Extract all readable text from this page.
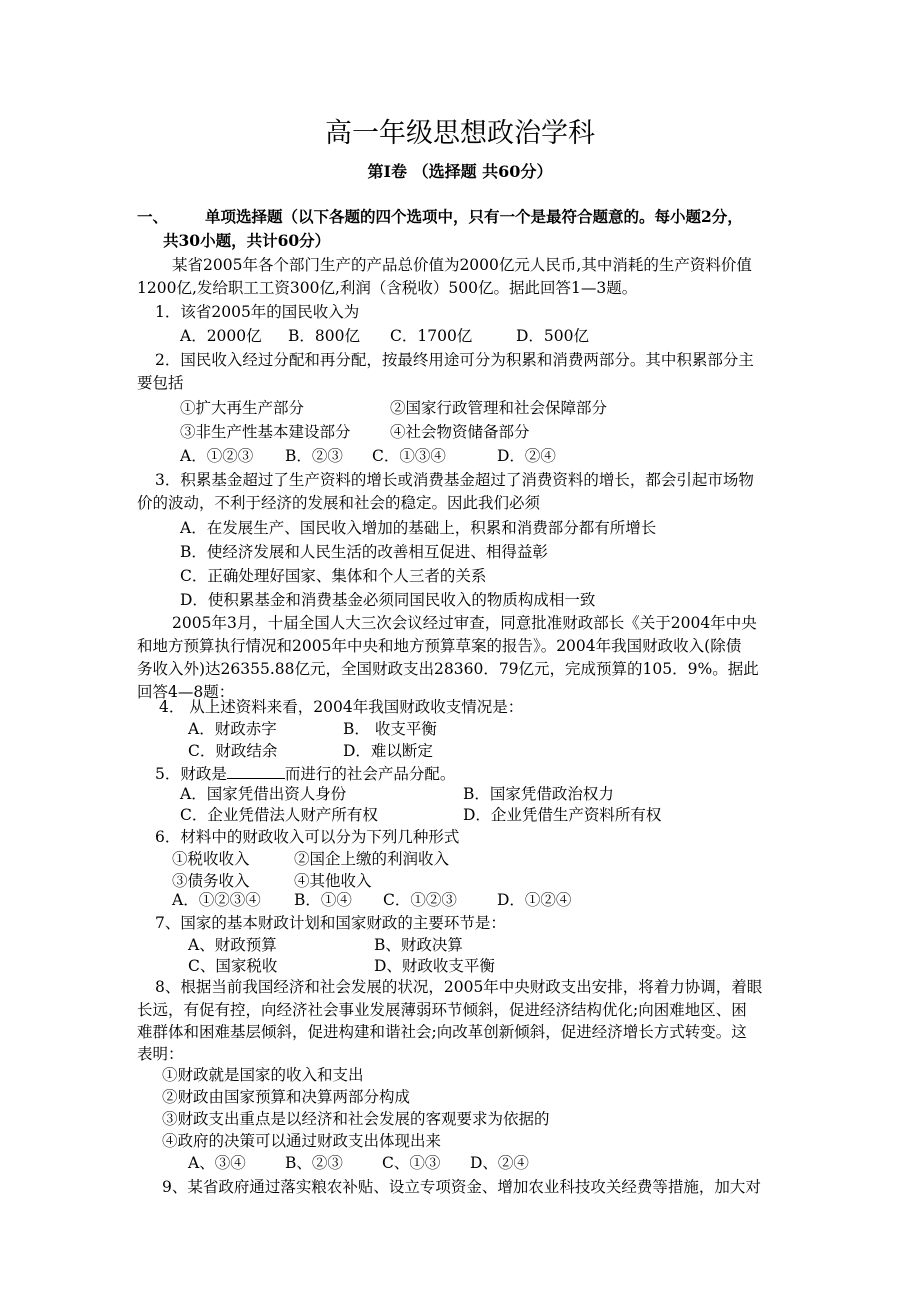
高一年级思想政治学科
第Ⅰ卷 （选择题 共60分）
一、 单项选择题（以下各题的四个选项中，只有一个是最符合题意的。每小题2分，
共30小题，共计60分）
某省2005年各个部门生产的产品总价值为2000亿元人民币,其中消耗的生产资料价值
1200亿,发给职工工资300亿,利润（含税收）500亿。据此回答1—3题。
1．该省2005年的国民收入为
A．2000亿 B．800亿 C．1700亿	D．500亿
2．国民收入经过分配和再分配，按最终用途可分为积累和消费两部分。其中积累部分主
要包括
①扩大再生产部分	②国家行政管理和社会保障部分
③非生产性基本建设部分	④社会物资储备部分
A．①②③ B．②③ C．①③④	D．②④
3．积累基金超过了生产资料的增长或消费基金超过了消费资料的增长，都会引起市场物
价的波动，不利于经济的发展和社会的稳定。因此我们必须
A．在发展生产、国民收入增加的基础上，积累和消费部分都有所增长
B．使经济发展和人民生活的改善相互促进、相得益彰
C．正确处理好国家、集体和个人三者的关系
D．使积累基金和消费基金必须同国民收入的物质构成相一致
2005年3月，十届全国人大三次会议经过审查，同意批准财政部长《关于2004年中央
和地方预算执行情况和2005年中央和地方预算草案的报告》。2004年我国财政收入(除债
务收入外)达26355.88亿元，全国财政支出28360．79亿元，完成预算的105．9%。据此
回答4—8题：
4． 从上述资料来看，2004年我国财政收支情况是：
A．财政赤字	B． 收支平衡
C．财政结余	D．难以断定
5．财政是	而进行的社会产品分配。
A．国家凭借出资人身份	B．国家凭借政治权力
C．企业凭借法人财产所有权	D．企业凭借生产资料所有权
6．材料中的财政收入可以分为下列几种形式
①税收收入	②国企上缴的利润收入
③债务收入	④其他收入
A．①②③④ B．①④ C．①②③	D．①②④
7、国家的基本财政计划和国家财政的主要环节是：
A、财政预算	B、财政决算
C、国家税收	D、财政收支平衡
8、根据当前我国经济和社会发展的状况，2005年中央财政支出安排，将着力协调，着眼
长远，有促有控，向经济社会事业发展薄弱环节倾斜，促进经济结构优化;向困难地区、困
难群体和困难基层倾斜，促进构建和谐社会;向改革创新倾斜，促进经济增长方式转变。这
表明：
①财政就是国家的收入和支出
②财政由国家预算和决算两部分构成
③财政支出重点是以经济和社会发展的客观要求为依据的
④政府的决策可以通过财政支出体现出来
A、③④	B、②③	C、①③ D、②④
9、某省政府通过落实粮农补贴、设立专项资金、增加农业科技攻关经费等措施，加大对
